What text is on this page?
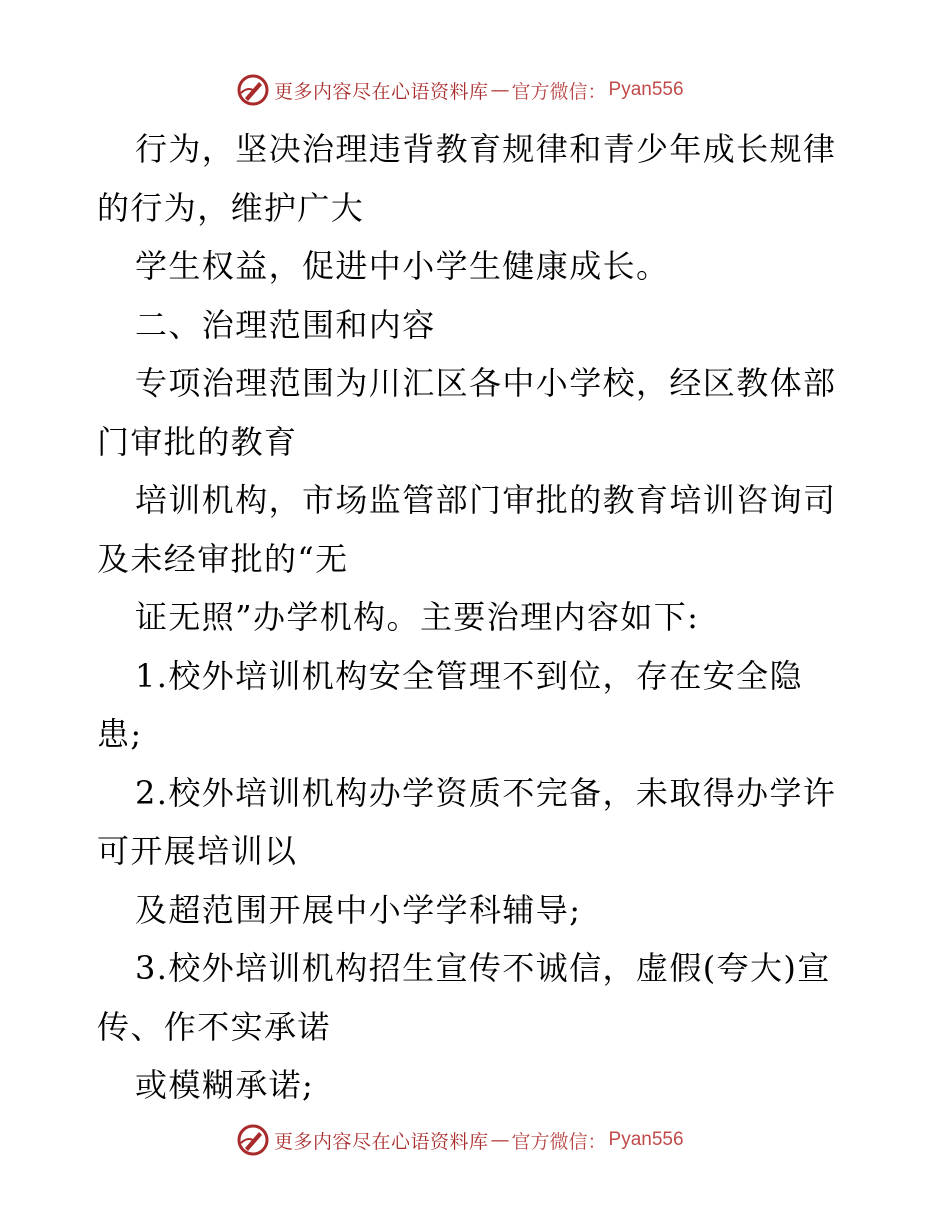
更多内容尽在心语资料库 — 官方微信： Pyan556

行为，坚决治理违背教育规律和青少年成长规律

的行为，维护广大

学生权益，促进中小学生健康成长。

二、治理范围和内容

专项治理范围为川汇区各中小学校，经区教体部

门审批的教育

培训机构，市场监管部门审批的教育培训咨询司

及未经审批的“无

证无照”办学机构。主要治理内容如下:

1.校外培训机构安全管理不到位，存在安全隐

患;

2.校外培训机构办学资质不完备，未取得办学许

可开展培训以

及超范围开展中小学学科辅导;

3.校外培训机构招生宣传不诚信，虚假(夸大)宣

传、作不实承诺

或模糊承诺;

更多内容尽在心语资料库 — 官方微信： Pyan556
